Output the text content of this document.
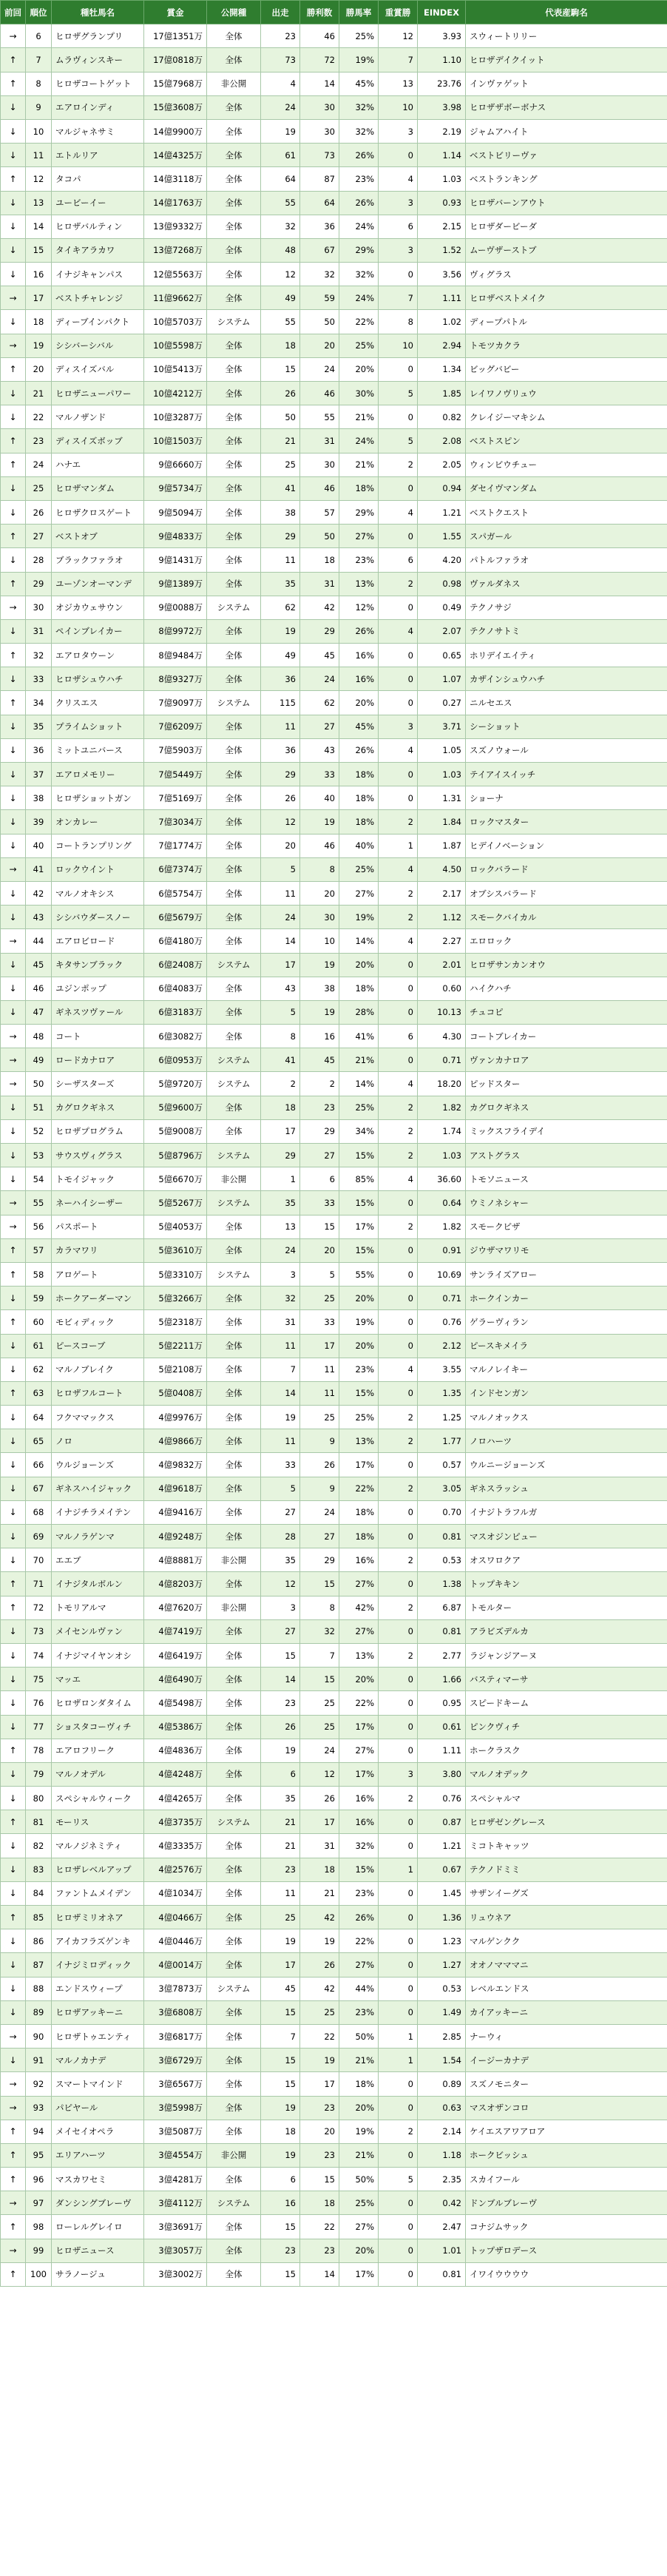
前回	順位	種牡馬名	賞金	公開種	出走	勝利数	勝馬率	重賞勝	EINDEX	代表産駒名
→	6	ヒロザグランプリ	17億1351万	全体	23	46	25%	12	3.93	スウィートリリー
↑	7	ムラヴィンスキー	17億0818万	全体	73	72	19%	7	1.10	ヒロザデイクイット
↑	8	ヒロザコートゲット	15億7968万	非公開	4	14	45%	13	23.76	インヴァゲット
↓	9	エアロインディ	15億3608万	全体	24	30	32%	10	3.98	ヒロザザボーボナス
↓	10	マルジャネサミ	14億9900万	全体	19	30	32%	3	2.19	ジャムアハイト
↓	11	エトルリア	14億4325万	全体	61	73	26%	0	1.14	ベストビリーヴァ
↑	12	タコパ	14億3118万	全体	64	87	23%	4	1.03	ベストランキング
↓	13	ユービーイー	14億1763万	全体	55	64	26%	3	0.93	ヒロザバーンアウト
↓	14	ヒロザバルティン	13億9332万	全体	32	36	24%	6	2.15	ヒロザダービーダ
↓	15	タイキアラカワ	13億7268万	全体	48	67	29%	3	1.52	ムーヴザーストブ
↓	16	イナジキャンパス	12億5563万	全体	12	32	32%	0	3.56	ヴィグラス
→	17	ベストチャレンジ	11億9662万	全体	49	59	24%	7	1.11	ヒロザベストメイク
↓	18	ディーブインパクト	10億5703万	システム	55	50	22%	8	1.02	ディープパトル
→	19	シシバーシバル	10億5598万	全体	18	20	25%	10	2.94	トモツカクラ
↑	20	ディスイズバル	10億5413万	全体	15	24	20%	0	1.34	ビッグバビー
↓	21	ヒロザニューパワー	10億4212万	全体	26	46	30%	5	1.85	レイワノヴリュウ
↓	22	マルノザンド	10億3287万	全体	50	55	21%	0	0.82	クレイジーマキシム
↑	23	ディスイズボッブ	10億1503万	全体	21	31	24%	5	2.08	ベストスピン
↑	24	ハナエ	9億6660万	全体	25	30	21%	2	2.05	ウィンビウチュー
↓	25	ヒロザマンダム	9億5734万	全体	41	46	18%	0	0.94	ダセイヴマンダム
↓	26	ヒロザクロスゲート	9億5094万	全体	38	57	29%	4	1.21	ベストクエスト
↑	27	ベストオブ	9億4833万	全体	29	50	27%	0	1.55	スパガール
↓	28	ブラックファラオ	9億1431万	全体	11	18	23%	6	4.20	パトルファラオ
↑	29	ユーゾンオーマンデ	9億1389万	全体	35	31	13%	2	0.98	ヴァルダネス
→	30	オジカウェサウン	9億0088万	システム	62	42	12%	0	0.49	テクノサジ
↓	31	ペインブレイカー	8億9972万	全体	19	29	26%	4	2.07	テクノサトミ
↑	32	エアロタウーン	8億9484万	全体	49	45	16%	0	0.65	ホリデイエイティ
↓	33	ヒロザシュウハチ	8億9327万	全体	36	24	16%	0	1.07	カザインシュウハチ
↑	34	クリスエス	7億9097万	システム	115	62	20%	0	0.27	ニルセエス
↓	35	プライムショット	7億6209万	全体	11	27	45%	3	3.71	シーショット
↓	36	ミットユニバース	7億5903万	全体	36	43	26%	4	1.05	スズノウォール
↓	37	エアロメモリー	7億5449万	全体	29	33	18%	0	1.03	テイアイスイッチ
↓	38	ヒロザショットガン	7億5169万	全体	26	40	18%	0	1.31	ショーナ
↓	39	オンカレー	7億3034万	全体	12	19	18%	2	1.84	ロックマスター
↓	40	コートランプリング	7億1774万	全体	20	46	40%	1	1.87	ヒデイノベーション
→	41	ロックウイント	6億7374万	全体	5	8	25%	4	4.50	ロックバラード
↓	42	マルノオキシス	6億5754万	全体	11	20	27%	2	2.17	オブシスバラード
↓	43	シシバウダースノー	6億5679万	全体	24	30	19%	2	1.12	スモークバイカル
→	44	エアロビロード	6億4180万	全体	14	10	14%	4	2.27	エロロック
↓	45	キタサンブラック	6億2408万	システム	17	19	20%	0	2.01	ヒロザサンカンオウ
↓	46	ユジンポップ	6億4083万	全体	43	38	18%	0	0.60	ハイクハチ
↓	47	ギネスツヴァール	6億3183万	全体	5	19	28%	0	10.13	チュコピ
→	48	コート	6億3082万	全体	8	16	41%	6	4.30	コートブレイカー
→	49	ロードカナロア	6億0953万	システム	41	45	21%	0	0.71	ヴァンカナロア
→	50	シーザスターズ	5億9720万	システム	2	2	14%	4	18.20	ピッドスター
↓	51	カグロクギネス	5億9600万	全体	18	23	25%	2	1.82	カグロクギネス
↓	52	ヒロザプログラム	5億9008万	全体	17	29	34%	2	1.74	ミックスフライデイ
↓	53	サウスヴィグラス	5億8796万	システム	29	27	15%	2	1.03	アストグラス
↓	54	トモイジャック	5億6670万	非公開	1	6	85%	4	36.60	トモソニュース
→	55	ネーハイシーザー	5億5267万	システム	35	33	15%	0	0.64	ウミノネシャー
→	56	パスポート	5億4053万	全体	13	15	17%	2	1.82	スモークピザ
↑	57	カラマワリ	5億3610万	全体	24	20	15%	0	0.91	ジウザマワリモ
↑	58	アロゲート	5億3310万	システム	3	5	55%	0	10.69	サンライズアロー
↓	59	ホークアーダーマン	5億3266万	全体	32	25	20%	0	0.71	ホークインカー
↑	60	モビィディック	5億2318万	全体	31	33	19%	0	0.76	ゲラーヴィラン
↓	61	ピースコーブ	5億2211万	全体	11	17	20%	0	2.12	ピースキメイラ
↓	62	マルノブレイク	5億2108万	全体	7	11	23%	4	3.55	マルノレイキー
↑	63	ヒロザフルコート	5億0408万	全体	14	11	15%	0	1.35	インドセンガン
↓	64	フクママックス	4億9976万	全体	19	25	25%	2	1.25	マルノオックス
↓	65	ノロ	4億9866万	全体	11	9	13%	2	1.77	ノロハーツ
↓	66	ウルジョーンズ	4億9832万	全体	33	26	17%	0	0.57	ウルニージョーンズ
↓	67	ギネスハイジャック	4億9618万	全体	5	9	22%	2	3.05	ギネスラッシュ
↓	68	イナジチラメイテン	4億9416万	全体	27	24	18%	0	0.70	イナジトラフルガ
↓	69	マルノラゲンマ	4億9248万	全体	28	27	18%	0	0.81	マスオジンピュー
↓	70	エエブ	4億8881万	非公開	35	29	16%	2	0.53	オスワロクア
↑	71	イナジタルボルン	4億8203万	全体	12	15	27%	0	1.38	トップキキン
↑	72	トモリアルマ	4億7620万	非公開	3	8	42%	2	6.87	トモルター
↓	73	メイセンルヴァン	4億7419万	全体	27	32	27%	0	0.81	アラビズデルカ
↓	74	イナジマイヤンオシ	4億6419万	全体	15	7	13%	2	2.77	ラジャンジアーヌ
↓	75	マッエ	4億6490万	全体	14	15	20%	0	1.66	バスティマーサ
↓	76	ヒロザロンダタイム	4億5498万	全体	23	25	22%	0	0.95	スピードキーム
↓	77	ショスタコーヴィチ	4億5386万	全体	26	25	17%	0	0.61	ピンクヴィチ
↑	78	エアロフリーク	4億4836万	全体	19	24	27%	0	1.11	ホークラスク
↓	79	マルノオデル	4億4248万	全体	6	12	17%	3	3.80	マルノオデック
↓	80	スペシャルウィーク	4億4265万	全体	35	26	16%	2	0.76	スペシャルマ
↑	81	モーリス	4億3735万	システム	21	17	16%	0	0.87	ヒロザゼングレース
↓	82	マルノジネミティ	4億3335万	全体	21	31	32%	0	1.21	ミコトキャッツ
↓	83	ヒロザレベルアップ	4億2576万	全体	23	18	15%	1	0.67	テクノドミミ
↓	84	ファントムメイデン	4億1034万	全体	11	21	23%	0	1.45	サザンイーグズ
↑	85	ヒロザミリオネア	4億0466万	全体	25	42	26%	0	1.36	リュウネア
↓	86	アイカフラズゲンキ	4億0446万	全体	19	19	22%	0	1.23	マルゲンクク
↓	87	イナジミロディック	4億0014万	全体	17	26	27%	0	1.27	オオノマママニ
↓	88	エンドスウィープ	3億7873万	システム	45	42	44%	0	0.53	レベルエンドス
↓	89	ヒロザアッキーニ	3億6808万	全体	15	25	23%	0	1.49	カイアッキーニ
→	90	ヒロザトゥエンティ	3億6817万	全体	7	22	50%	1	2.85	ナーウィ
↓	91	マルノカナデ	3億6729万	全体	15	19	21%	1	1.54	イージーカナデ
→	92	スマートマインド	3億6567万	全体	15	17	18%	0	0.89	スズノモニター
→	93	パピヤール	3億5998万	全体	19	23	20%	0	0.63	マスオザンコロ
↑	94	メイセイオペラ	3億5087万	全体	18	20	19%	2	2.14	ケイエスアワアロア
↑	95	エリアハーツ	3億4554万	非公開	19	23	21%	0	1.18	ホークビッシュ
↑	96	マスカワセミ	3億4281万	全体	6	15	50%	5	2.35	スカイフール
→	97	ダンシングブレーヴ	3億4112万	システム	16	18	25%	0	0.42	ドンブルブレーヴ
↑	98	ローレルグレイロ	3億3691万	全体	15	22	27%	0	2.47	コナジムサック
→	99	ヒロザニュース	3億3057万	全体	23	23	20%	0	1.01	トップザロデース
↑	100	サラノージュ	3億3002万	全体	15	14	17%	0	0.81	イワイウウウウ
